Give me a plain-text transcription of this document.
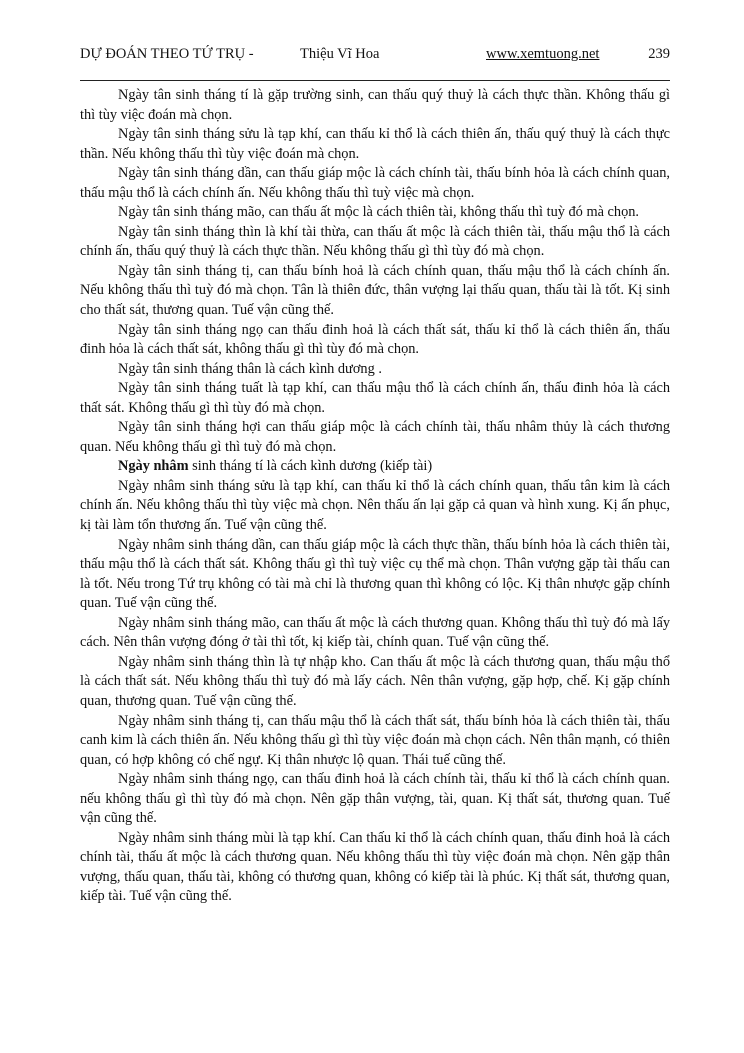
DỰ ĐOÁN THEO TỨ TRỤ -	Thiệu Vĩ Hoa	www.xemtuong.net	239

Ngày tân sinh tháng tí là gặp trường sinh, can thấu quý thuỷ là cách thực thần. Không thấu gì thì tùy việc đoán mà chọn.

Ngày tân sinh tháng sửu là tạp khí, can thấu kỉ thổ là cách thiên ấn, thấu quý thuỷ là cách thực thần. Nếu không thấu thì tùy việc đoán mà chọn.

Ngày tân sinh tháng dần, can thấu giáp mộc là cách chính tài, thấu bính hỏa là cách chính quan, thấu mậu thổ là cách chính ấn. Nếu không thấu thì tuỳ việc mà chọn.

Ngày tân sinh tháng mão, can thấu ất mộc là cách thiên tài, không thấu thì tuỳ đó mà chọn.

Ngày tân sinh tháng thìn là khí tài thừa, can thấu ất mộc là cách thiên tài, thấu mậu thổ là cách chính ấn, thấu quý thuỷ là cách thực thần. Nếu không thấu gì thì tùy đó mà chọn.

Ngày tân sinh tháng tị, can thấu bính hoả là cách chính quan, thấu mậu thổ là cách chính ấn. Nếu không thấu thì tuỳ đó mà chọn. Tân là thiên đức, thân vượng lại thấu quan, thấu tài là tốt. Kị sinh cho thất sát, thương quan. Tuế vận cũng thế.

Ngày tân sinh tháng ngọ can thấu đinh hoả là cách thất sát, thấu kỉ thổ là cách thiên ấn, thấu đinh hỏa là cách thất sát, không thấu gì thì tùy đó mà chọn.

Ngày tân sinh tháng thân là cách kình dương .

Ngày tân sinh tháng tuất là tạp khí, can thấu mậu thổ là cách chính ấn, thấu đinh hỏa là cách thất sát. Không thấu gì thì tùy đó mà chọn.

Ngày tân sinh tháng hợi can thấu giáp mộc là cách chính tài, thấu nhâm thủy là cách thương quan. Nếu không thấu gì thì tuỳ đó mà chọn.

Ngày nhâm sinh tháng tí là cách kình dương (kiếp tài)

Ngày nhâm sinh tháng sửu là tạp khí, can thấu kỉ thổ là cách chính quan, thấu tân kim là cách chính ấn. Nếu không thấu thì tùy việc mà chọn. Nên thấu ấn lại gặp cả quan và hình xung. Kị ấn phục, kị tài làm tổn thương ấn. Tuế vận cũng thế.

Ngày nhâm sinh tháng dần, can thấu giáp mộc là cách thực thần, thấu bính hỏa là cách thiên tài, thấu mậu thổ là cách thất sát. Không thấu gì thì tuỳ việc cụ thể mà chọn. Thân vượng gặp tài thấu can là tốt. Nếu trong Tứ trụ không có tài mà chỉ là thương quan thì không có lộc. Kị thân nhược gặp chính quan. Tuế vận cũng thế.

Ngày nhâm sinh tháng mão, can thấu ất mộc là cách thương quan. Không thấu thì tuỳ đó mà lấy cách. Nên thân vượng đóng ở tài thì tốt, kị kiếp tài, chính quan. Tuế vận cũng thế.

Ngày nhâm sinh tháng thìn là tự nhập kho. Can thấu ất mộc là cách thương quan, thấu mậu thổ là cách thất sát. Nếu không thấu thì tuỳ đó mà lấy cách. Nên thân vượng, gặp hợp, chế. Kị gặp chính quan, thương quan. Tuế vận cũng thế.

Ngày nhâm sinh tháng tị, can thấu mậu thổ là cách thất sát, thấu bính hỏa là cách thiên tài, thấu canh kim là cách thiên ấn. Nếu không thấu gì thì tùy việc đoán mà chọn cách. Nên thân mạnh, có thiên quan, có hợp không có chế ngự. Kị thân nhược lộ quan. Thái tuế cũng thế.

Ngày nhâm sinh tháng ngọ, can thấu đinh hoả là cách chính tài, thấu kỉ thổ là cách chính quan. nếu không thấu gì thì tùy đó mà chọn. Nên gặp thân vượng, tài, quan. Kị thất sát, thương quan. Tuế vận cũng thế.

Ngày nhâm sinh tháng mùi là tạp khí. Can thấu kỉ thổ là cách chính quan, thấu đinh hoả là cách chính tài, thấu ất mộc là cách thương quan. Nếu không thấu thì tùy việc đoán mà chọn. Nên gặp thân vượng, thấu quan, thấu tài, không có thương quan, không có kiếp tài là phúc. Kị thất sát, thương quan, kiếp tài. Tuế vận cũng thế.
